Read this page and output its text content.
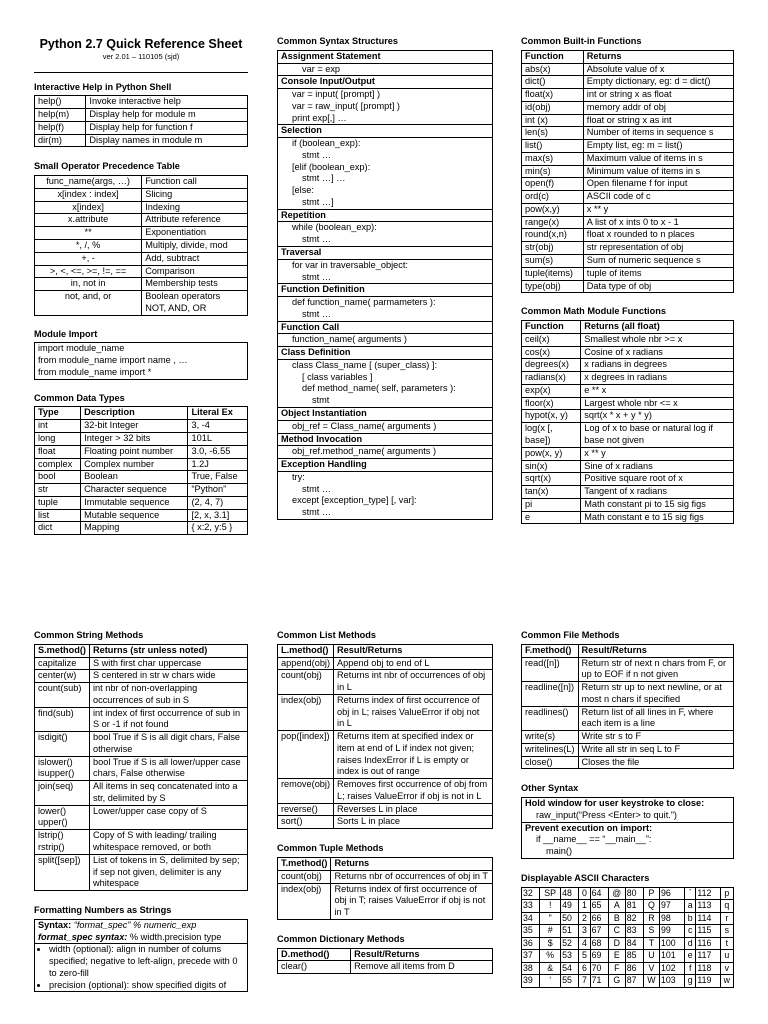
Python 2.7 Quick Reference Sheet
ver 2.01 – 110105 (sjd)
Interactive Help in Python Shell
help()	Invoke interactive help
help(m)	Display help for module m
help(f)	Display help for function f
dir(m)	Display names in module m
Small Operator Precedence Table
func_name(args, …)	Function call
x[index : index]	Slicing
x[index]	Indexing
x.attribute	Attribute reference
**	Exponentiation
*, /, %	Multiply, divide, mod
+, -	Add, subtract
>, <, <=, >=, !=, ==	Comparison
in, not in	Membership tests
not, and, or	Boolean operators
NOT, AND, OR
Module Import
import module_name
from module_name import name , …
from module_name import *
Common Data Types
Type	Description	Literal Ex
int	32-bit Integer	3, -4
long	Integer > 32 bits	101L
float	Floating point number	3.0, -6.55
complex	Complex number	1.2J
bool	Boolean	True, False
str	Character sequence	“Python”
tuple	Immutable sequence	(2, 4, 7)
list	Mutable sequence	[2, x, 3.1]
dict	Mapping	{ x:2, y:5 }
Common Syntax Structures
Assignment Statement
var = exp
Console Input/Output
var = input( [prompt] )
var = raw_input( [prompt] )
print exp[,] …
Selection
if (boolean_exp):
stmt …
[elif (boolean_exp):
stmt …] …
[else:
stmt …]
Repetition
while (boolean_exp):
stmt …
Traversal
for var in traversable_object:
stmt …
Function Definition
def function_name( parmameters ):
stmt …
Function Call
function_name( arguments )
Class Definition
class Class_name [ (super_class) ]:
[ class variables ]
def method_name( self, parameters ):
stmt
Object Instantiation
obj_ref = Class_name( arguments )
Method Invocation
obj_ref.method_name( arguments )
Exception Handling
try:
stmt …
except [exception_type] [, var]:
stmt …
Common Built-in Functions
Function	Returns
abs(x)	Absolute value of x
dict()	Empty dictionary, eg: d = dict()
float(x)	int or string x as float
id(obj)	memory addr of obj
int (x)	float or string x as int
len(s)	Number of items in sequence s
list()	Empty list, eg: m = list()
max(s)	Maximum value of items in s
min(s)	Minimum value of items in s
open(f)	Open filename f for input
ord(c)	ASCII code of c
pow(x,y)	x ** y
range(x)	A list of x ints 0 to x - 1
round(x,n)	float x rounded to n places
str(obj)	str representation of obj
sum(s)	Sum of numeric sequence s
tuple(items)	tuple of items
type(obj)	Data type of obj
Common Math Module Functions
Function	Returns (all float)
ceil(x)	Smallest whole nbr >= x
cos(x)	Cosine of x radians
degrees(x)	x radians in degrees
radians(x)	x degrees in radians
exp(x)	e ** x
floor(x)	Largest whole nbr <= x
hypot(x, y)	sqrt(x * x + y * y)
log(x [, base])	Log of x to base or natural log if base not given
pow(x, y)	x ** y
sin(x)	Sine of x radians
sqrt(x)	Positive square root of x
tan(x)	Tangent of x radians
pi	Math constant pi to 15 sig figs
e	Math constant e to 15 sig figs
Common String Methods
S.method()	Returns (str unless noted)
capitalize	S with first char uppercase
center(w)	S centered in str w chars wide
count(sub)	int nbr of non-overlapping occurrences of sub in S
find(sub)	int index of first occurrence of sub in S or -1 if not found
isdigit()	bool True if S is all digit chars, False otherwise
islower()
isupper()	bool True if S is all lower/upper case chars, False otherwise
join(seq)	All items in seq concatenated into a str, delimited by S
lower()
upper()	Lower/upper case copy of S
lstrip()
rstrip()	Copy of S with leading/ trailing whitespace removed, or both
split([sep])	List of tokens in S, delimited by sep; if sep not given, delimiter is any whitespace
Formatting Numbers as Strings
Syntax: “format_spec” % numeric_exp
format_spec syntax: % width.precision type
• width (optional): align in number of colums specified; negative to left-align, precede with 0 to zero-fill
• precision (optional): show specified digits of
Common List Methods
L.method()	Result/Returns
append(obj)	Append obj to end of L
count(obj)	Returns int nbr of occurrences of obj in L
index(obj)	Returns index of first occurrence of obj in L; raises ValueError if obj not in L
pop([index])	Returns item at specified index or item at end of L if index not given; raises IndexError if L is empty or index is out of range
remove(obj)	Removes first occurrence of obj from L; raises ValueError if obj is not in L
reverse()	Reverses L in place
sort()	Sorts L in place
Common Tuple Methods
T.method()	Returns
count(obj)	Returns nbr of occurrences of obj in T
index(obj)	Returns index of first occurrence of obj in T; raises ValueError if obj is not in T
Common Dictionary Methods
D.method()	Result/Returns
clear()	Remove all items from D
Common File Methods
F.method()	Result/Returns
read([n])	Return str of next n chars from F, or up to EOF if n not given
readline([n])	Return str up to next newline, or at most n chars if specified
readlines()	Return list of all lines in F, where each item is a line
write(s)	Write str s to F
writelines(L)	Write all str in seq L to F
close()	Closes the file
Other Syntax
Hold window for user keystroke to close:
raw_input(“Press <Enter> to quit.”)
Prevent execution on import:
if __name__ == “__main__”:
main()
Displayable ASCII Characters
32	SP	48	0	64	@	80	P	96	`	112	p
33	!	49	1	65	A	81	Q	97	a	113	q
34	"	50	2	66	B	82	R	98	b	114	r
35	#	51	3	67	C	83	S	99	c	115	s
36	$	52	4	68	D	84	T	100	d	116	t
37	%	53	5	69	E	85	U	101	e	117	u
38	&	54	6	70	F	86	V	102	f	118	v
39	‘	55	7	71	G	87	W	103	g	119	w
